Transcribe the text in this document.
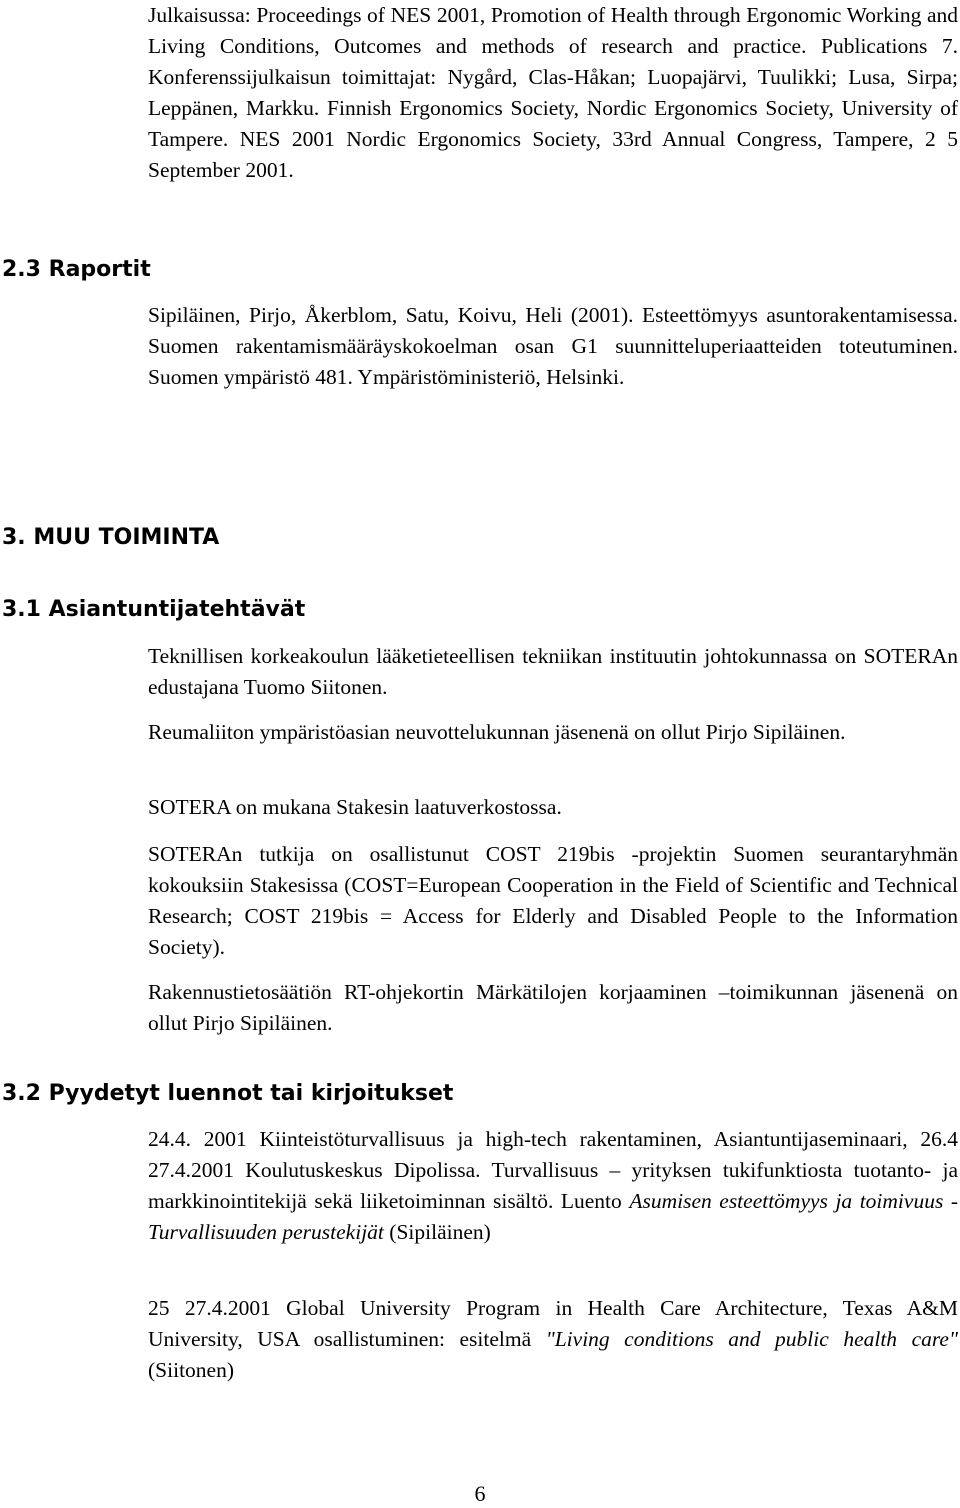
Julkaisussa: Proceedings of NES 2001, Promotion of Health through Ergonomic Working and Living Conditions, Outcomes and methods of research and practice. Publications 7. Konferenssijulkaisun toimittajat: Nygård, Clas-Håkan; Luopajärvi, Tuulikki; Lusa, Sirpa; Leppänen, Markku. Finnish Ergonomics Society, Nordic Ergonomics Society, University of Tampere. NES 2001 Nordic Ergonomics Society, 33rd Annual Congress, Tampere, 2 5 September 2001.

2.3 Raportit

Sipiläinen, Pirjo, Åkerblom, Satu, Koivu, Heli (2001). Esteettömyys asuntorakentamisessa. Suomen rakentamismääräyskokoelman osan G1 suunnitteluperiaatteiden toteutuminen. Suomen ympäristö 481. Ympäristöministeriö, Helsinki.

3. MUU TOIMINTA
3.1 Asiantuntijatehtävät

Teknillisen korkeakoulun lääketieteellisen tekniikan instituutin johtokunnassa on SOTERAn edustajana Tuomo Siitonen.

Reumaliiton ympäristöasian neuvottelukunnan jäsenenä on ollut Pirjo Sipiläinen.

SOTERA on mukana Stakesin laatuverkostossa.

SOTERAn tutkija on osallistunut COST 219bis -projektin Suomen seurantaryhmän kokouksiin Stakesissa (COST=European Cooperation in the Field of Scientific and Technical Research; COST 219bis = Access for Elderly and Disabled People to the Information Society).

Rakennustietosäätiön RT-ohjekortin Märkätilojen korjaaminen –toimikunnan jäsenenä on ollut Pirjo Sipiläinen.

3.2 Pyydetyt luennot tai kirjoitukset

24.4. 2001 Kiinteistöturvallisuus ja high-tech rakentaminen, Asiantuntijaseminaari, 26.4 27.4.2001 Koulutuskeskus Dipolissa. Turvallisuus – yrityksen tukifunktiosta tuotanto- ja markkinointitekijä sekä liiketoiminnan sisältö. Luento Asumisen esteettömyys ja toimivuus - Turvallisuuden perustekijät (Sipiläinen)

25 27.4.2001 Global University Program in Health Care Architecture, Texas A&M University, USA osallistuminen: esitelmä "Living conditions and public health care" (Siitonen)

6
